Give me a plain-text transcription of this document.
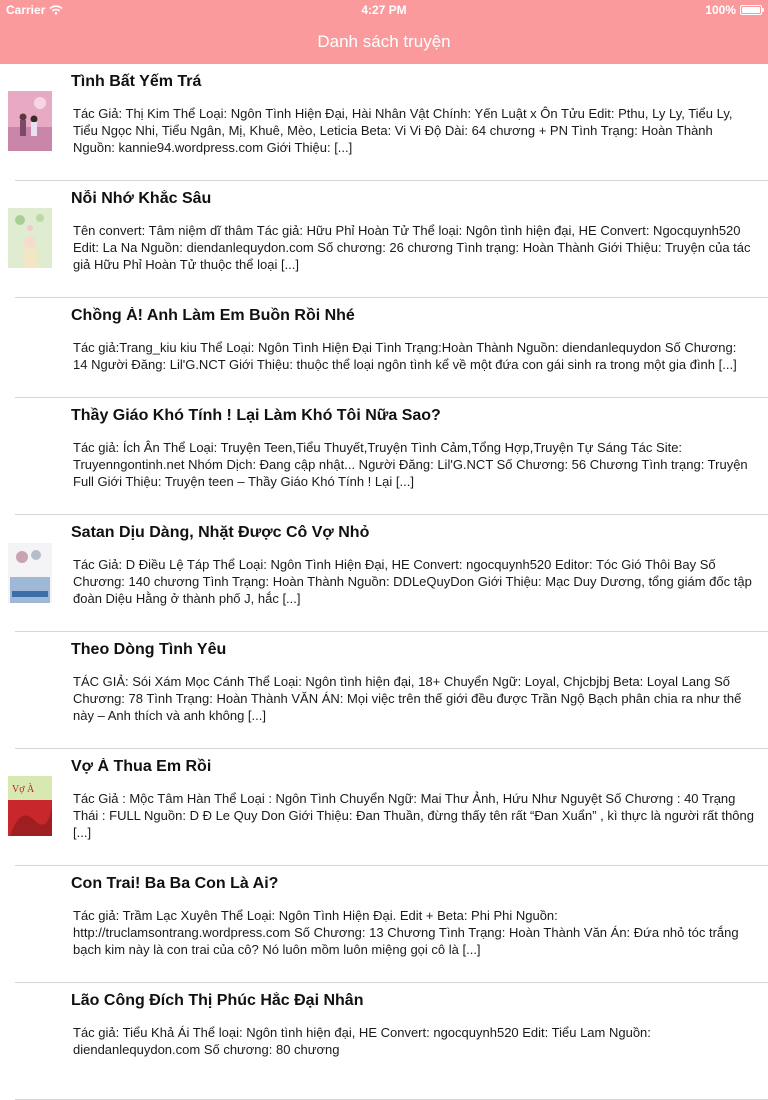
Carrier	4:27 PM	100%
Danh sách truyện
Tình Bất Yếm Trá
Tác Giả: Thị Kim Thể Loại: Ngôn Tình Hiện Đại, Hài Nhân Vật Chính: Yến Luật x Ôn Tửu Edit: Pthu, Ly Ly, Tiểu Ly, Tiểu Ngọc Nhi, Tiểu Ngân, Mị, Khuê, Mèo, Leticia Beta: Vi Vi Độ Dài: 64 chương + PN Tình Trạng: Hoàn Thành Nguồn: kannie94.wordpress.com Giới Thiệu: [...]
Nỗi Nhớ Khắc Sâu
Tên convert: Tâm niệm dĩ thâm Tác giả: Hữu Phỉ Hoàn Tử Thể loại: Ngôn tình hiện đại, HE Convert: Ngocquynh520 Edit: La Na Nguồn: diendanlequydon.com Số chương: 26 chương Tình trạng: Hoàn Thành Giới Thiệu: Truyện của tác giả Hữu Phỉ Hoàn Tử thuộc thể loại [...]
Chồng À! Anh Làm Em Buồn Rồi Nhé
Tác giả:Trang_kiu kiu Thể Loại: Ngôn Tình Hiện Đại Tình Trạng:Hoàn Thành Nguồn: diendanlequydon Số Chương: 14 Người Đăng: Lil'G.NCT Giới Thiệu: thuộc thể loại ngôn tình kể về một đứa con gái sinh ra trong một gia đình [...]
Thầy Giáo Khó Tính ! Lại Làm Khó Tôi Nữa Sao?
Tác giả: Ích Ân Thể Loại: Truyện Teen,Tiểu Thuyết,Truyện Tình Cảm,Tổng Hợp,Truyện Tự Sáng Tác Site: Truyenngontinh.net Nhóm Dịch: Đang cập nhật... Người Đăng: Lil'G.NCT Số Chương: 56 Chương Tình trạng: Truyện Full Giới Thiệu: Truyện teen – Thầy Giáo Khó Tính ! Lại [...]
Satan Dịu Dàng, Nhặt Được Cô Vợ Nhỏ
Tác Giả: D Điều Lệ Táp Thể Loại: Ngôn Tình Hiện Đại, HE Convert: ngocquynh520 Editor: Tóc Gió Thôi Bay Số Chương: 140 chương Tình Trạng: Hoàn Thành Nguồn: DDLeQuyDon Giới Thiệu: Mạc Duy Dương, tổng giám đốc tập đoàn Diệu Hằng ở thành phố J, hắc [...]
Theo Dòng Tình Yêu
TÁC GIẢ: Sói Xám Mọc Cánh Thể Loại: Ngôn tình hiện đại, 18+ Chuyển Ngữ: Loyal, Chjcbjbj Beta: Loyal Lang Số Chương: 78 Tình Trạng: Hoàn Thành VĂN ÁN: Mọi việc trên thế giới đều được Trần Ngộ Bạch phân chia ra như thế này – Anh thích và anh không [...]
Vợ À
Vợ À Thua Em Rồi
Tác Giả : Mộc Tâm Hàn Thể Loại : Ngôn Tình Chuyển Ngữ: Mai Thư Ảnh, Hứu Như Nguyệt Số Chương : 40 Trạng Thái : FULL Nguồn: D Đ Le Quy Don Giới Thiệu: Đan Thuần, đừng thấy tên rất “Đan Xuẩn” , kì thực là người rất thông [...]
Con Trai! Ba Ba Con Là Ai?
Tác giả: Trầm Lạc Xuyên Thể Loại: Ngôn Tình Hiện Đại. Edit + Beta: Phi Phi Nguồn: http://truclamsontrang.wordpress.com Số Chương: 13 Chương Tình Trạng: Hoàn Thành Văn Án: Đứa nhỏ tóc trắng bạch kim này là con trai của cô? Nó luôn mồm luôn miệng gọi cô là [...]
Lão Công Đích Thị Phúc Hắc Đại Nhân
Tác giả: Tiểu Khả Ái Thể loại: Ngôn tình hiện đại, HE Convert: ngocquynh520 Edit: Tiểu Lam Nguồn: diendanlequydon.com Số chương: 80 chương
